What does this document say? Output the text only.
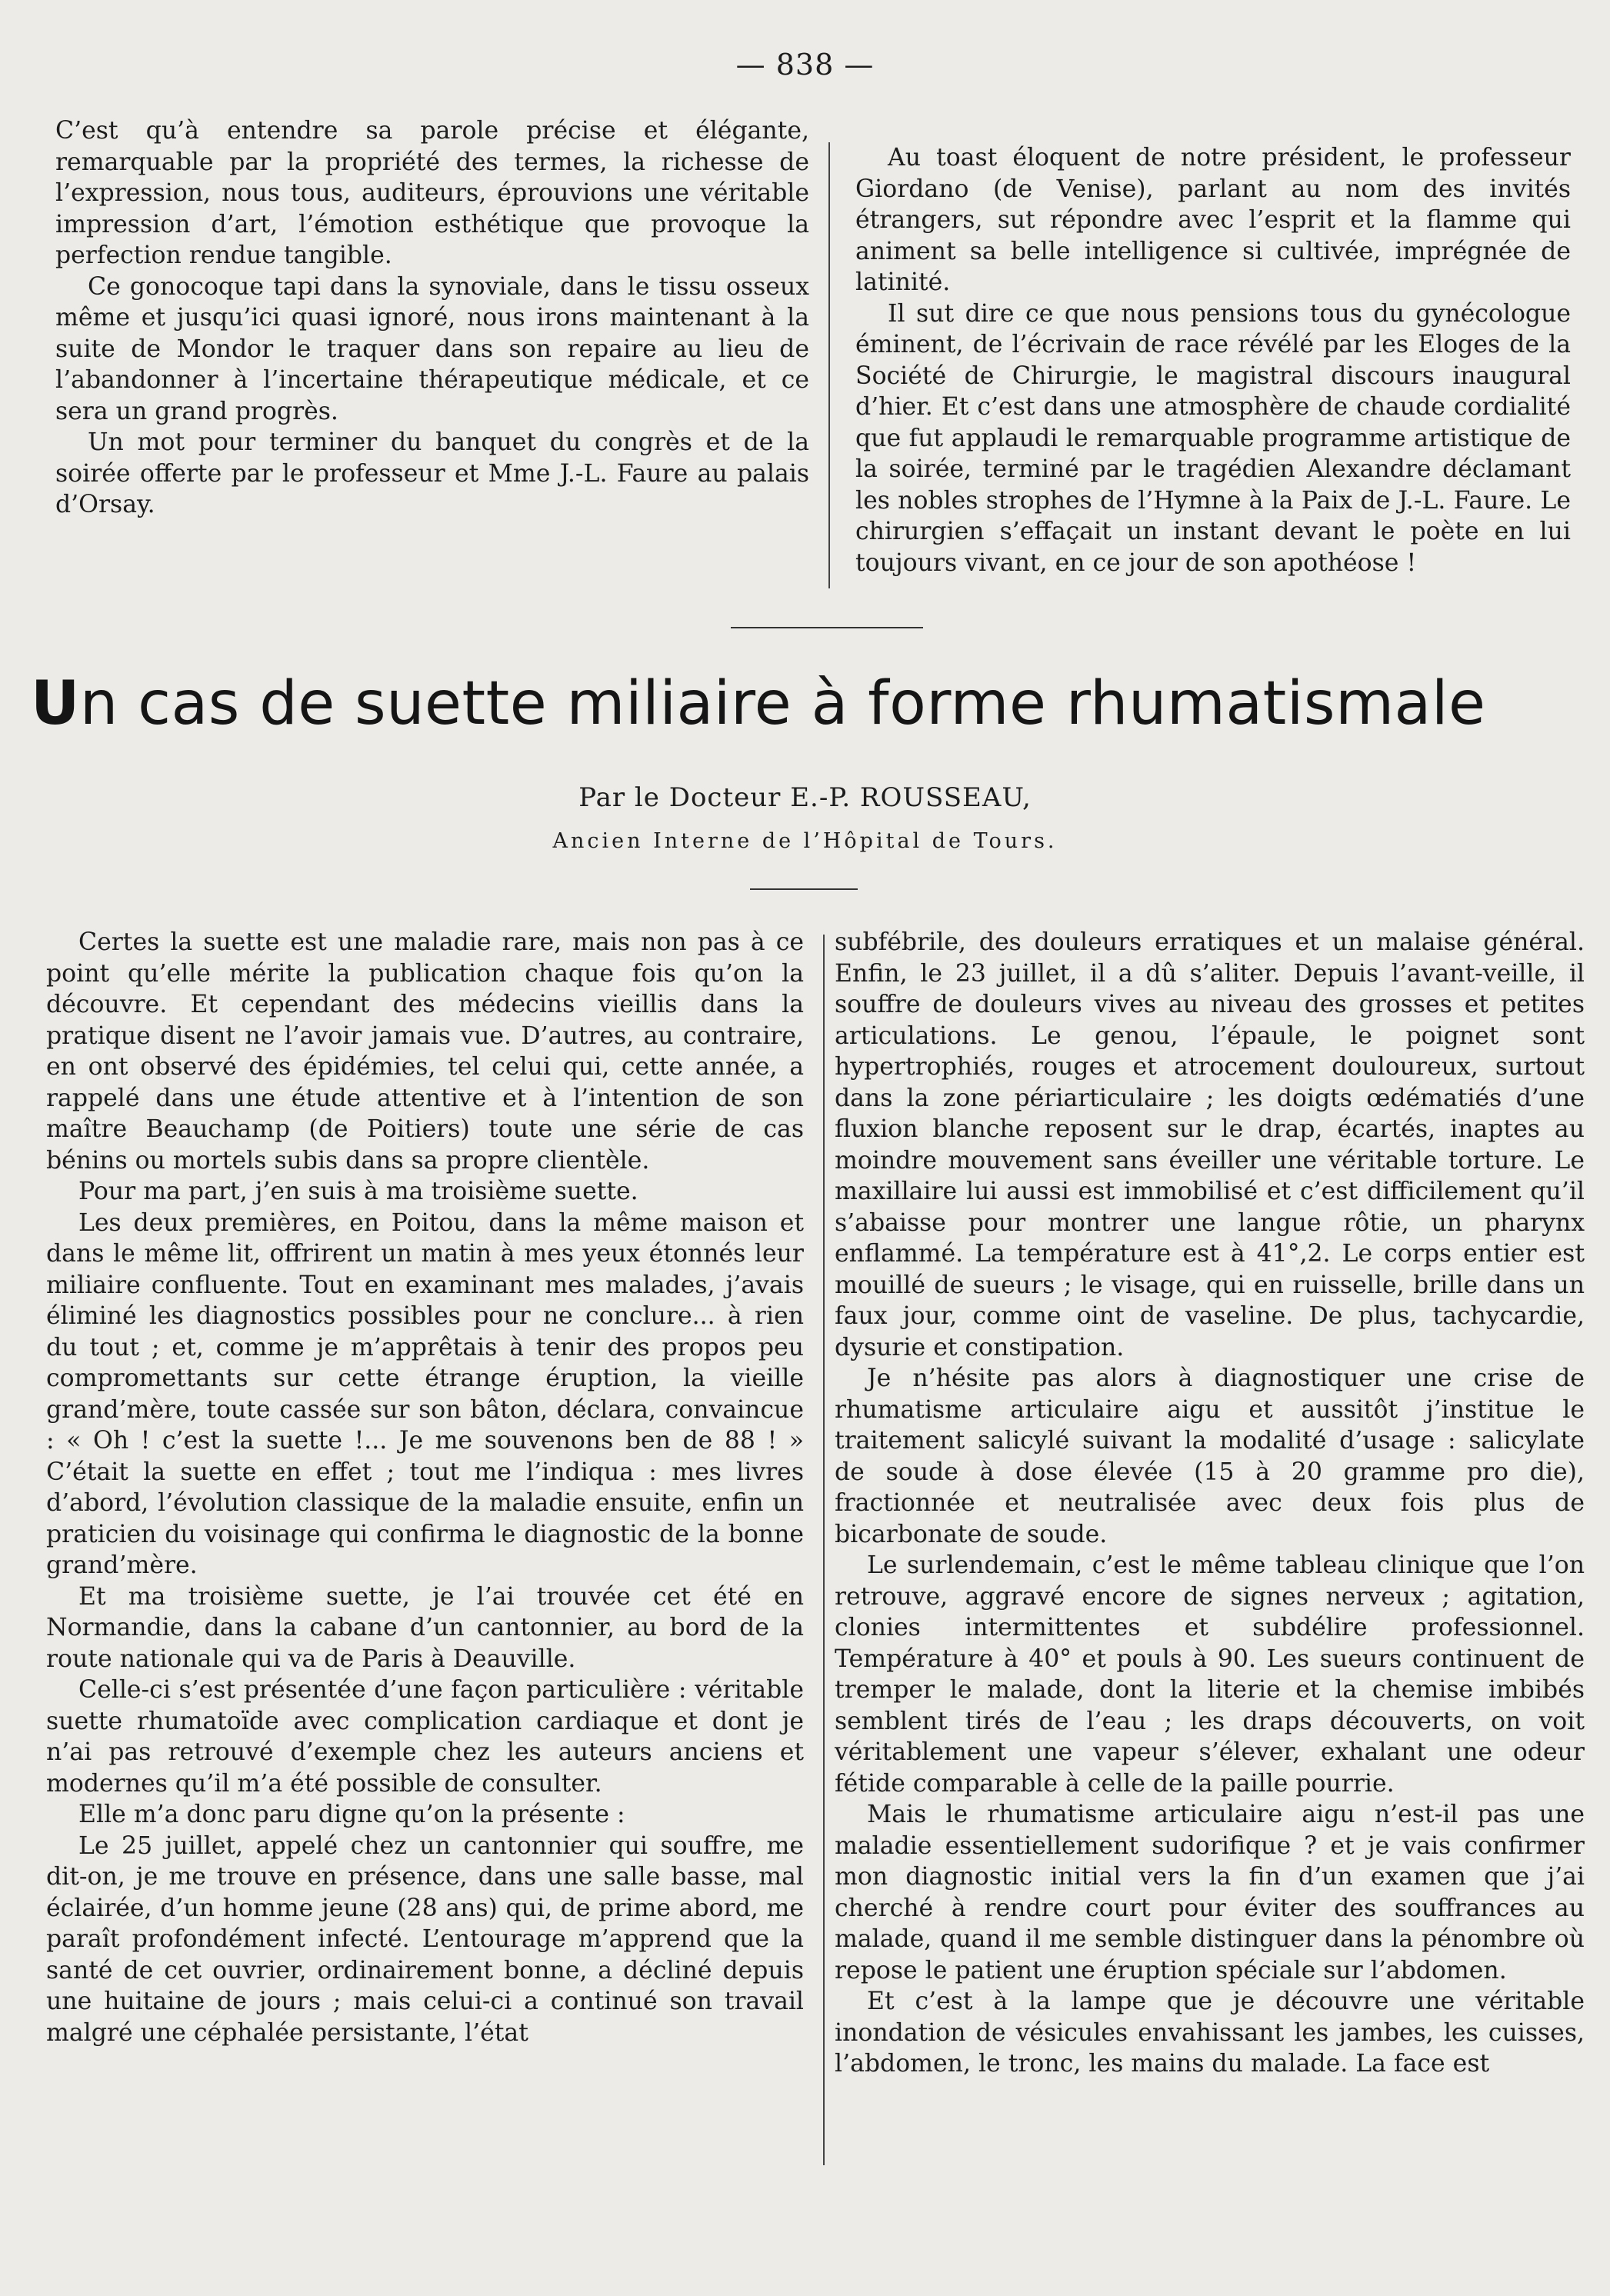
— 838 —

C’est qu’à entendre sa parole précise et élégante, remarquable par la propriété des termes, la richesse de l’expression, nous tous, auditeurs, éprouvions une véritable impression d’art, l’émotion esthétique que provoque la perfection rendue tangible.

Ce gonocoque tapi dans la synoviale, dans le tissu osseux même et jusqu’ici quasi ignoré, nous irons maintenant à la suite de Mondor le traquer dans son repaire au lieu de l’abandonner à l’incertaine thérapeutique médicale, et ce sera un grand progrès.

Un mot pour terminer du banquet du congrès et de la soirée offerte par le professeur et Mme J.-L. Faure au palais d’Orsay.

Au toast éloquent de notre président, le professeur Giordano (de Venise), parlant au nom des invités étrangers, sut répondre avec l’esprit et la flamme qui animent sa belle intelligence si cultivée, imprégnée de latinité.

Il sut dire ce que nous pensions tous du gynécologue éminent, de l’écrivain de race révélé par les Eloges de la Société de Chirurgie, le magistral discours inaugural d’hier. Et c’est dans une atmosphère de chaude cordialité que fut applaudi le remarquable programme artistique de la soirée, terminé par le tragédien Alexandre déclamant les nobles strophes de l’Hymne à la Paix de J.-L. Faure. Le chirurgien s’effaçait un instant devant le poète en lui toujours vivant, en ce jour de son apothéose !

Un cas de suette miliaire à forme rhumatismale
Par le Docteur E.-P. ROUSSEAU,
Ancien Interne de l’Hôpital de Tours.

Certes la suette est une maladie rare, mais non pas à ce point qu’elle mérite la publication chaque fois qu’on la découvre. Et cependant des médecins vieillis dans la pratique disent ne l’avoir jamais vue. D’autres, au contraire, en ont observé des épidémies, tel celui qui, cette année, a rappelé dans une étude attentive et à l’intention de son maître Beauchamp (de Poitiers) toute une série de cas bénins ou mortels subis dans sa propre clientèle.

Pour ma part, j’en suis à ma troisième suette.

Les deux premières, en Poitou, dans la même maison et dans le même lit, offrirent un matin à mes yeux étonnés leur miliaire confluente. Tout en examinant mes malades, j’avais éliminé les diagnostics possibles pour ne conclure... à rien du tout ; et, comme je m’apprêtais à tenir des propos peu compromettants sur cette étrange éruption, la vieille grand’mère, toute cassée sur son bâton, déclara, convaincue : « Oh ! c’est la suette !... Je me souvenons ben de 88 ! » C’était la suette en effet ; tout me l’indiqua : mes livres d’abord, l’évolution classique de la maladie ensuite, enfin un praticien du voisinage qui confirma le diagnostic de la bonne grand’mère.

Et ma troisième suette, je l’ai trouvée cet été en Normandie, dans la cabane d’un cantonnier, au bord de la route nationale qui va de Paris à Deauville.

Celle-ci s’est présentée d’une façon particulière : véritable suette rhumatoïde avec complication cardiaque et dont je n’ai pas retrouvé d’exemple chez les auteurs anciens et modernes qu’il m’a été possible de consulter.

Elle m’a donc paru digne qu’on la présente :

Le 25 juillet, appelé chez un cantonnier qui souffre, me dit-on, je me trouve en présence, dans une salle basse, mal éclairée, d’un homme jeune (28 ans) qui, de prime abord, me paraît profondément infecté. L’entourage m’apprend que la santé de cet ouvrier, ordinairement bonne, a décliné depuis une huitaine de jours ; mais celui-ci a continué son travail malgré une céphalée persistante, l’état

subfébrile, des douleurs erratiques et un malaise général. Enfin, le 23 juillet, il a dû s’aliter. Depuis l’avant-veille, il souffre de douleurs vives au niveau des grosses et petites articulations. Le genou, l’épaule, le poignet sont hypertrophiés, rouges et atrocement douloureux, surtout dans la zone périarticulaire ; les doigts œdématiés d’une fluxion blanche reposent sur le drap, écartés, inaptes au moindre mouvement sans éveiller une véritable torture. Le maxillaire lui aussi est immobilisé et c’est difficilement qu’il s’abaisse pour montrer une langue rôtie, un pharynx enflammé. La température est à 41°,2. Le corps entier est mouillé de sueurs ; le visage, qui en ruisselle, brille dans un faux jour, comme oint de vaseline. De plus, tachycardie, dysurie et constipation.

Je n’hésite pas alors à diagnostiquer une crise de rhumatisme articulaire aigu et aussitôt j’institue le traitement salicylé suivant la modalité d’usage : salicylate de soude à dose élevée (15 à 20 gramme pro die), fractionnée et neutralisée avec deux fois plus de bicarbonate de soude.

Le surlendemain, c’est le même tableau clinique que l’on retrouve, aggravé encore de signes nerveux ; agitation, clonies intermittentes et subdélire professionnel. Température à 40° et pouls à 90. Les sueurs continuent de tremper le malade, dont la literie et la chemise imbibés semblent tirés de l’eau ; les draps découverts, on voit véritablement une vapeur s’élever, exhalant une odeur fétide comparable à celle de la paille pourrie.

Mais le rhumatisme articulaire aigu n’est-il pas une maladie essentiellement sudorifique ? et je vais confirmer mon diagnostic initial vers la fin d’un examen que j’ai cherché à rendre court pour éviter des souffrances au malade, quand il me semble distinguer dans la pénombre où repose le patient une éruption spéciale sur l’abdomen.

Et c’est à la lampe que je découvre une véritable inondation de vésicules envahissant les jambes, les cuisses, l’abdomen, le tronc, les mains du malade. La face est
